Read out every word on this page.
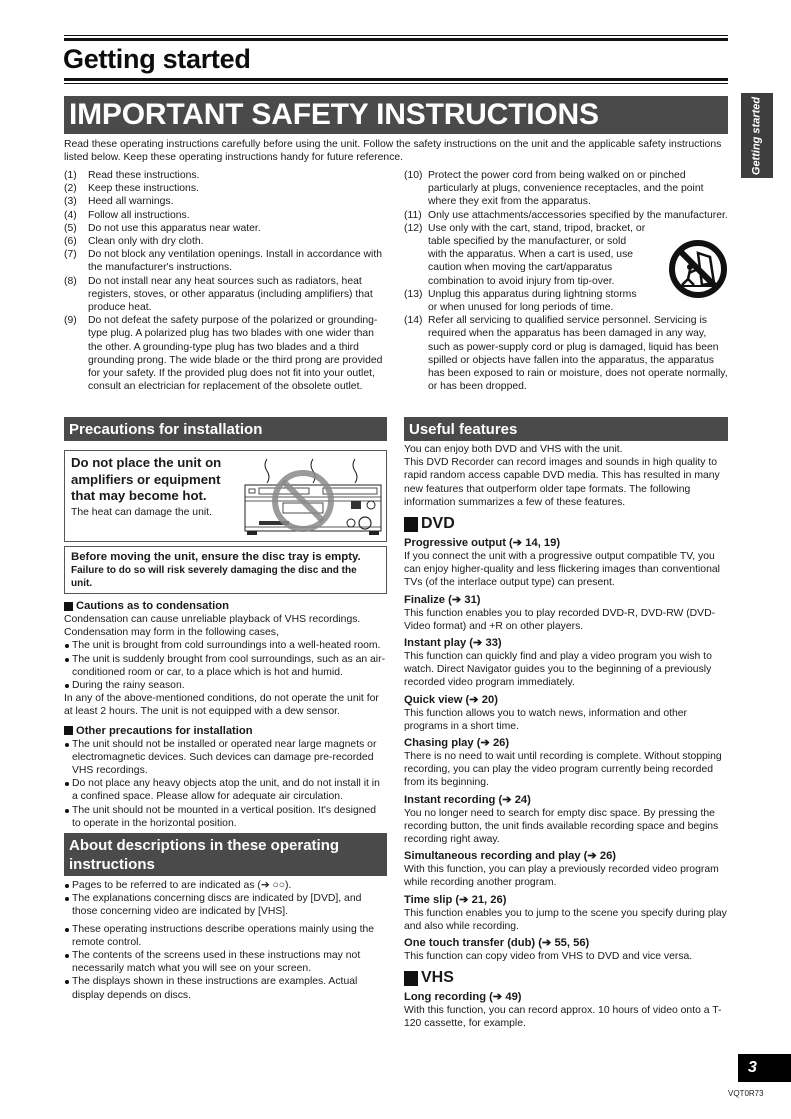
Getting started
IMPORTANT SAFETY INSTRUCTIONS	Getting started
Read these operating instructions carefully before using the unit. Follow the safety instructions on the unit and the applicable safety instructions listed below. Keep these operating instructions handy for future reference.
(1) Read these instructions.
(2) Keep these instructions.
(3) Heed all warnings.
(4) Follow all instructions.
(5) Do not use this apparatus near water.
(6) Clean only with dry cloth.
(7) Do not block any ventilation openings. Install in accordance with the manufacturer's instructions.
(8) Do not install near any heat sources such as radiators, heat registers, stoves, or other apparatus (including amplifiers) that produce heat.
(9) Do not defeat the safety purpose of the polarized or grounding-type plug. A polarized plug has two blades with one wider than the other. A grounding-type plug has two blades and a third grounding prong. The wide blade or the third prong are provided for your safety. If the provided plug does not fit into your outlet, consult an electrician for replacement of the obsolete outlet.
(10) Protect the power cord from being walked on or pinched particularly at plugs, convenience receptacles, and the point where they exit from the apparatus.
(11) Only use attachments/accessories specified by the manufacturer.
(12) Use only with the cart, stand, tripod, bracket, or table specified by the manufacturer, or sold with the apparatus. When a cart is used, use caution when moving the cart/apparatus combination to avoid injury from tip-over.
(13) Unplug this apparatus during lightning storms or when unused for long periods of time.
(14) Refer all servicing to qualified service personnel. Servicing is required when the apparatus has been damaged in any way, such as power-supply cord or plug is damaged, liquid has been spilled or objects have fallen into the apparatus, the apparatus has been exposed to rain or moisture, does not operate normally, or has been dropped.
Precautions for installation
Do not place the unit on amplifiers or equipment that may become hot.
The heat can damage the unit.
Before moving the unit, ensure the disc tray is empty.
Failure to do so will risk severely damaging the disc and the unit.
Cautions as to condensation
Condensation can cause unreliable playback of VHS recordings.
Condensation may form in the following cases,
The unit is brought from cold surroundings into a well-heated room.
The unit is suddenly brought from cool surroundings, such as an air-conditioned room or car, to a place which is hot and humid.
During the rainy season.
In any of the above-mentioned conditions, do not operate the unit for at least 2 hours. The unit is not equipped with a dew sensor.
Other precautions for installation
The unit should not be installed or operated near large magnets or electromagnetic devices. Such devices can damage pre-recorded VHS recordings.
Do not place any heavy objects atop the unit, and do not install it in a confined space. Please allow for adequate air circulation.
The unit should not be mounted in a vertical position. It's designed to operate in the horizontal position.
About descriptions in these operating instructions
Pages to be referred to are indicated as (➔ ○○).
The explanations concerning discs are indicated by [DVD], and those concerning video are indicated by [VHS].
These operating instructions describe operations mainly using the remote control.
The contents of the screens used in these instructions may not necessarily match what you will see on your screen.
The displays shown in these instructions are examples. Actual display depends on discs.
Useful features
You can enjoy both DVD and VHS with the unit.
This DVD Recorder can record images and sounds in high quality to rapid random access capable DVD media. This has resulted in many new features that outperform older tape formats. The following information summarizes a few of these features.
DVD
Progressive output (➔ 14, 19)
If you connect the unit with a progressive output compatible TV, you can enjoy higher-quality and less flickering images than conventional TVs (of the interlace output type) can present.
Finalize (➔ 31)
This function enables you to play recorded DVD-R, DVD-RW (DVD-Video format) and +R on other players.
Instant play (➔ 33)
This function can quickly find and play a video program you wish to watch. Direct Navigator guides you to the beginning of a previously recorded video program immediately.
Quick view (➔ 20)
This function allows you to watch news, information and other programs in a short time.
Chasing play (➔ 26)
There is no need to wait until recording is complete. Without stopping recording, you can play the video program currently being recorded from its beginning.
Instant recording (➔ 24)
You no longer need to search for empty disc space. By pressing the recording button, the unit finds available recording space and begins recording right away.
Simultaneous recording and play (➔ 26)
With this function, you can play a previously recorded video program while recording another program.
Time slip (➔ 21, 26)
This function enables you to jump to the scene you specify during play and also while recording.
One touch transfer (dub) (➔ 55, 56)
This function can copy video from VHS to DVD and vice versa.
VHS
Long recording (➔ 49)
With this function, you can record approx. 10 hours of video onto a T-120 cassette, for example.
3
VQT0R73
